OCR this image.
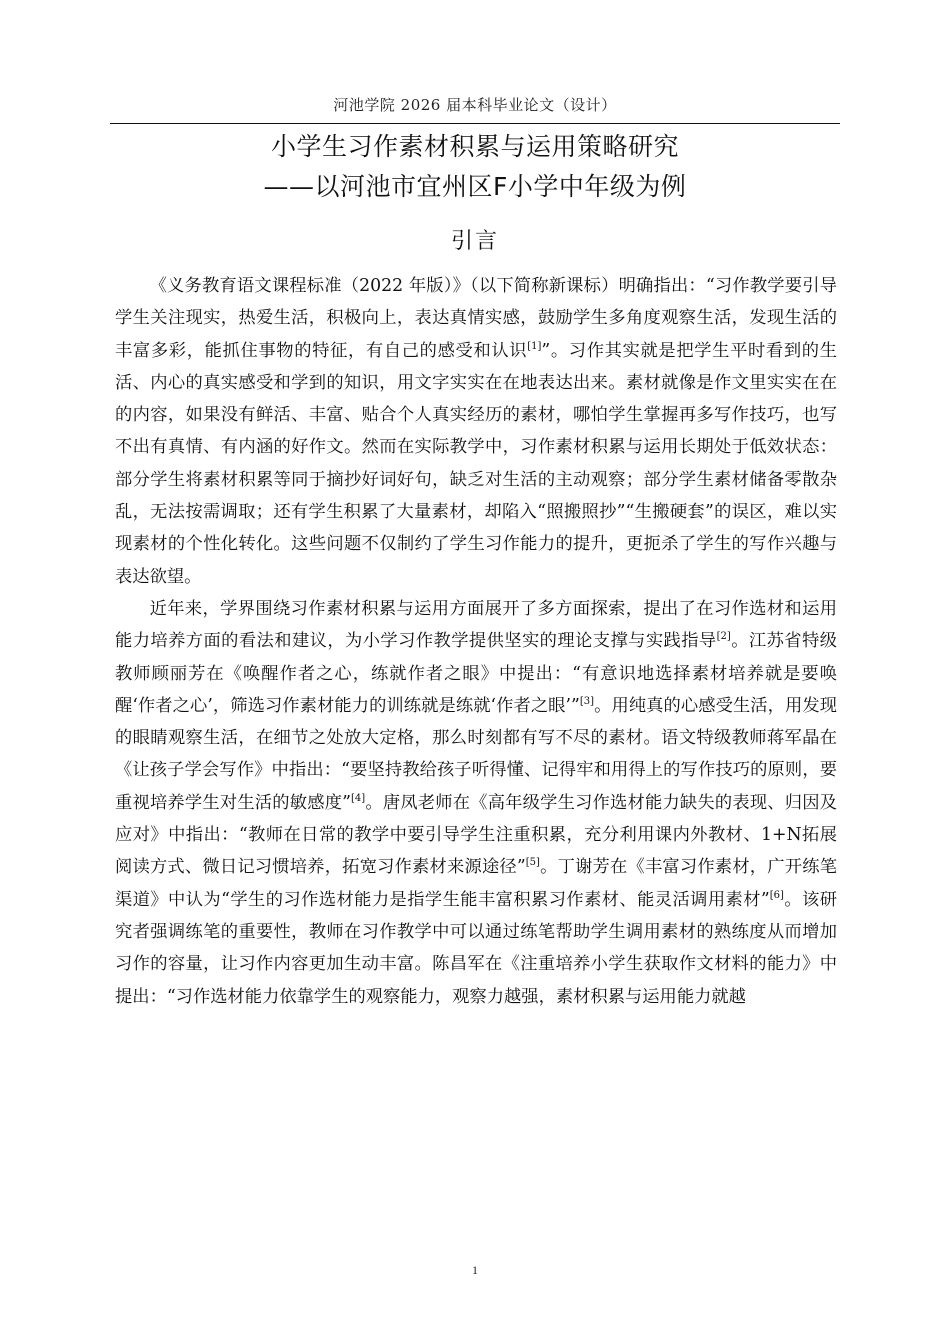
河池学院 2026 届本科毕业论文（设计）
小学生习作素材积累与运用策略研究
——以河池市宜州区F小学中年级为例
引言

《义务教育语文课程标准（2022 年版）》（以下简称新课标）明确指出：“习作教学要引导学生关注现实，热爱生活，积极向上，表达真情实感，鼓励学生多角度观察生活，发现生活的丰富多彩，能抓住事物的特征，有自己的感受和认识[1]”。习作其实就是把学生平时看到的生活、内心的真实感受和学到的知识，用文字实实在在地表达出来。素材就像是作文里实实在在的内容，如果没有鲜活、丰富、贴合个人真实经历的素材，哪怕学生掌握再多写作技巧，也写不出有真情、有内涵的好作文。然而在实际教学中，习作素材积累与运用长期处于低效状态：部分学生将素材积累等同于摘抄好词好句，缺乏对生活的主动观察；部分学生素材储备零散杂乱，无法按需调取；还有学生积累了大量素材，却陷入“照搬照抄”“生搬硬套”的误区，难以实现素材的个性化转化。这些问题不仅制约了学生习作能力的提升，更扼杀了学生的写作兴趣与表达欲望。

近年来，学界围绕习作素材积累与运用方面展开了多方面探索，提出了在习作选材和运用能力培养方面的看法和建议，为小学习作教学提供坚实的理论支撑与实践指导[2]。江苏省特级教师顾丽芳在《唤醒作者之心，练就作者之眼》中提出：“有意识地选择素材培养就是要唤醒‘作者之心’，筛选习作素材能力的训练就是练就‘作者之眼’”[3]。用纯真的心感受生活，用发现的眼睛观察生活，在细节之处放大定格，那么时刻都有写不尽的素材。语文特级教师蒋军晶在《让孩子学会写作》中指出：“要坚持教给孩子听得懂、记得牢和用得上的写作技巧的原则，要重视培养学生对生活的敏感度”[4]。唐凤老师在《高年级学生习作选材能力缺失的表现、归因及应对》中指出：“教师在日常的教学中要引导学生注重积累，充分利用课内外教材、1+N拓展阅读方式、微日记习惯培养，拓宽习作素材来源途径”[5]。丁谢芳在《丰富习作素材，广开练笔渠道》中认为“学生的习作选材能力是指学生能丰富积累习作素材、能灵活调用素材”[6]。该研究者强调练笔的重要性，教师在习作教学中可以通过练笔帮助学生调用素材的熟练度从而增加习作的容量，让习作内容更加生动丰富。陈昌军在《注重培养小学生获取作文材料的能力》中提出：“习作选材能力依靠学生的观察能力，观察力越强，素材积累与运用能力就越

1
